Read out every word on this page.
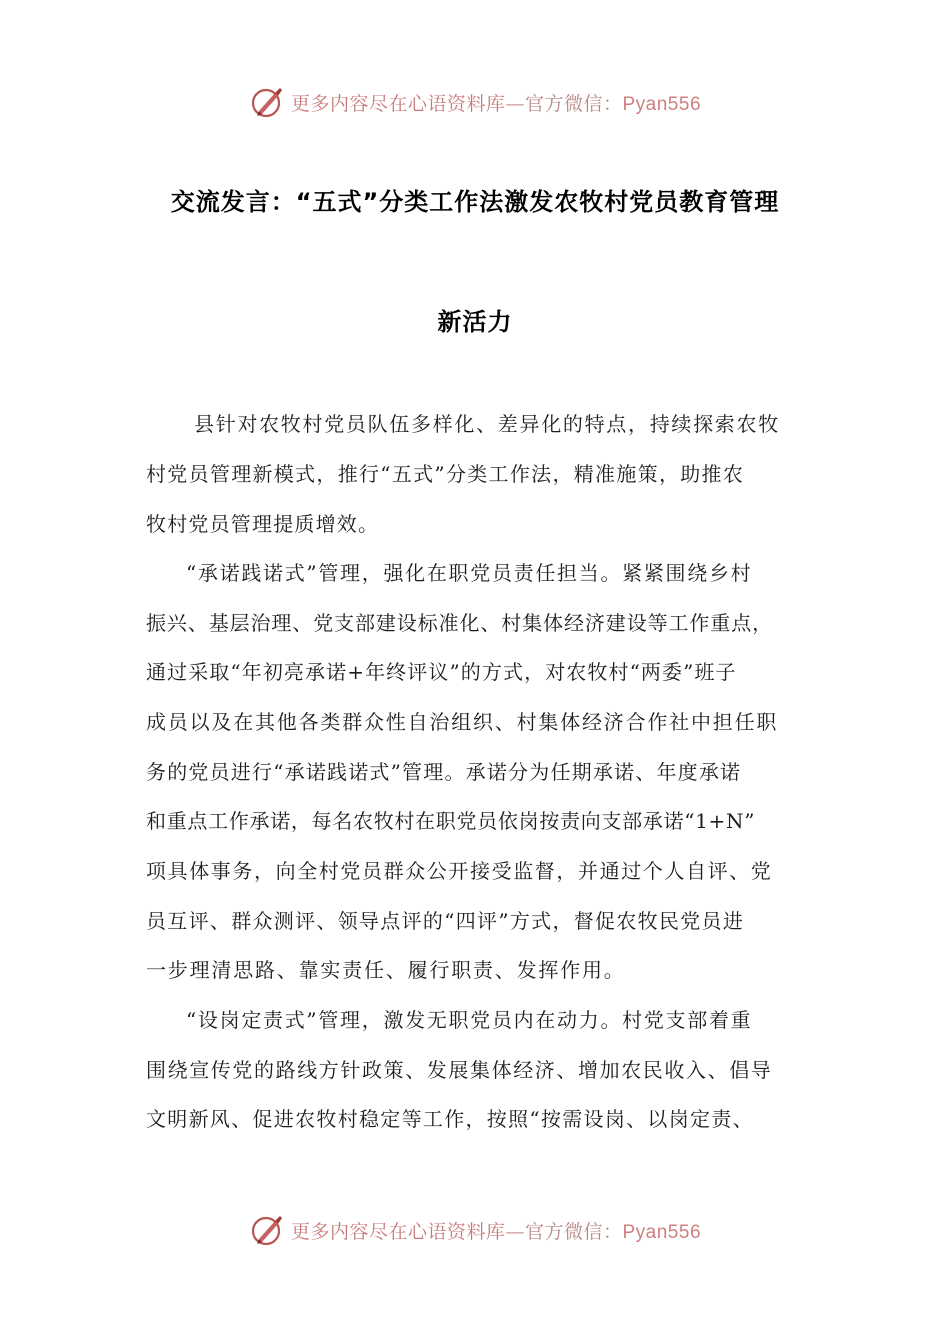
更多内容尽在心语资料库—官方微信：Pyan556
交流发言：“五式”分类工作法激发农牧村党员教育管理
新活力
县针对农牧村党员队伍多样化、差异化的特点，持续探索农牧
村党员管理新模式，推行“五式”分类工作法，精准施策，助推农
牧村党员管理提质增效。
“承诺践诺式”管理，强化在职党员责任担当。紧紧围绕乡村
振兴、基层治理、党支部建设标准化、村集体经济建设等工作重点，
通过采取“年初亮承诺+年终评议”的方式，对农牧村“两委”班子
成员以及在其他各类群众性自治组织、村集体经济合作社中担任职
务的党员进行“承诺践诺式”管理。承诺分为任期承诺、年度承诺
和重点工作承诺，每名农牧村在职党员依岗按责向支部承诺“1+N”
项具体事务，向全村党员群众公开接受监督，并通过个人自评、党
员互评、群众测评、领导点评的“四评”方式，督促农牧民党员进
一步理清思路、靠实责任、履行职责、发挥作用。
“设岗定责式”管理，激发无职党员内在动力。村党支部着重
围绕宣传党的路线方针政策、发展集体经济、增加农民收入、倡导
文明新风、促进农牧村稳定等工作，按照“按需设岗、以岗定责、
更多内容尽在心语资料库—官方微信：Pyan556
